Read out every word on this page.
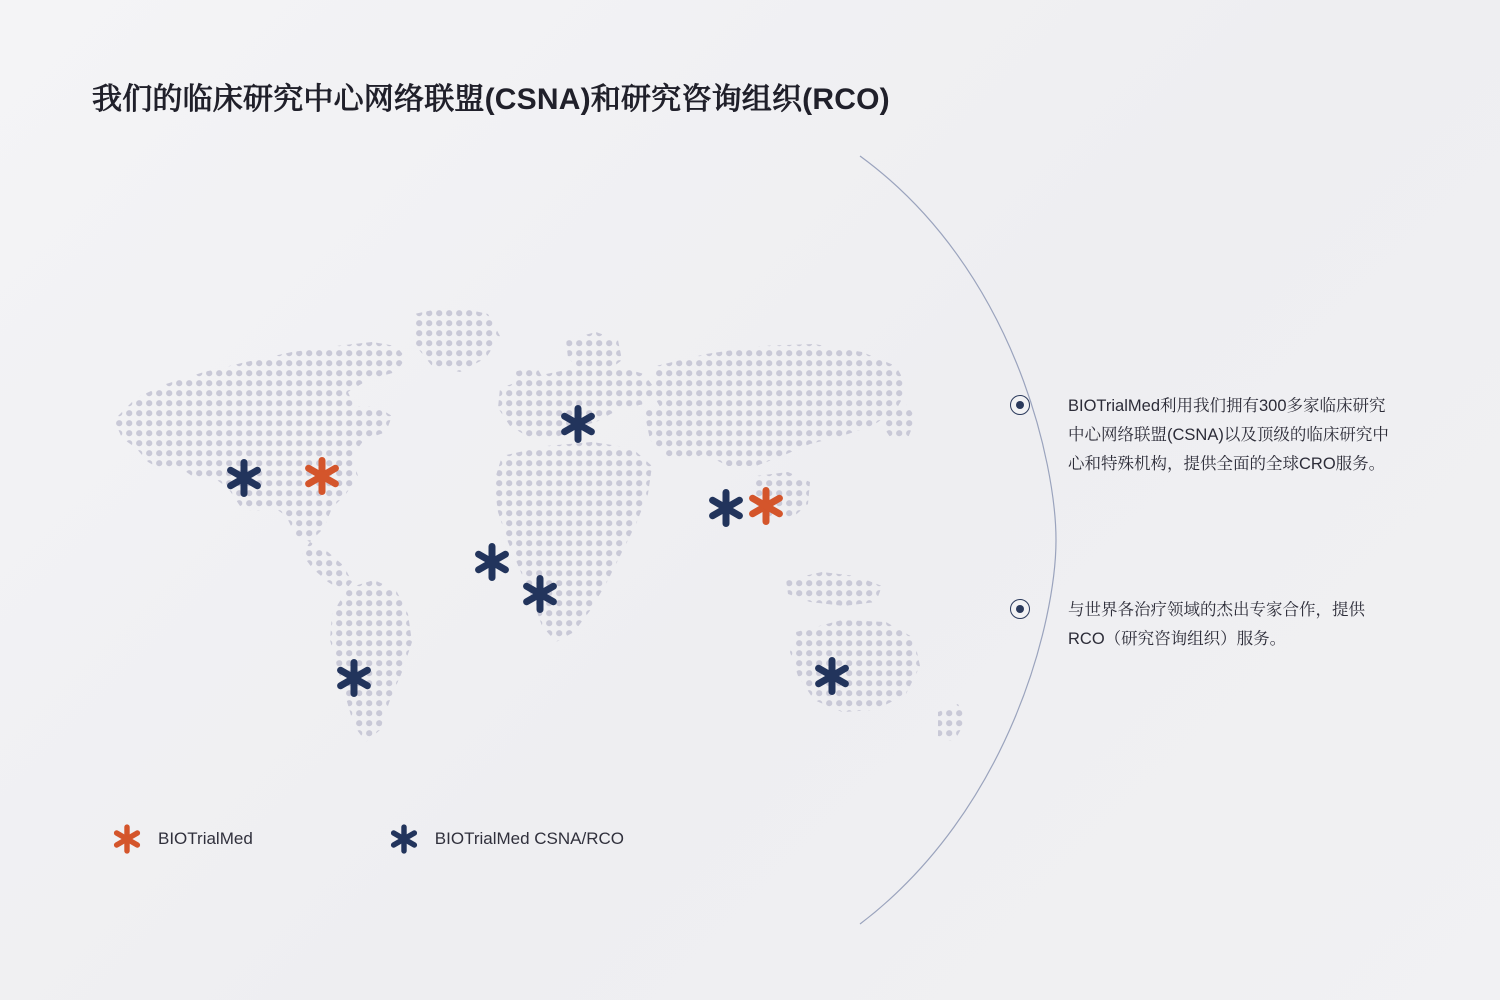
我们的临床研究中心网络联盟(CSNA)和研究咨询组织(RCO)
BIOTrialMed利用我们拥有300多家临床研究中心网络联盟(CSNA)以及顶级的临床研究中心和特殊机构，提供全面的全球CRO服务。
与世界各治疗领域的杰出专家合作，提供RCO（研究咨询组织）服务。
BIOTrialMed	BIOTrialMed CSNA/RCO
